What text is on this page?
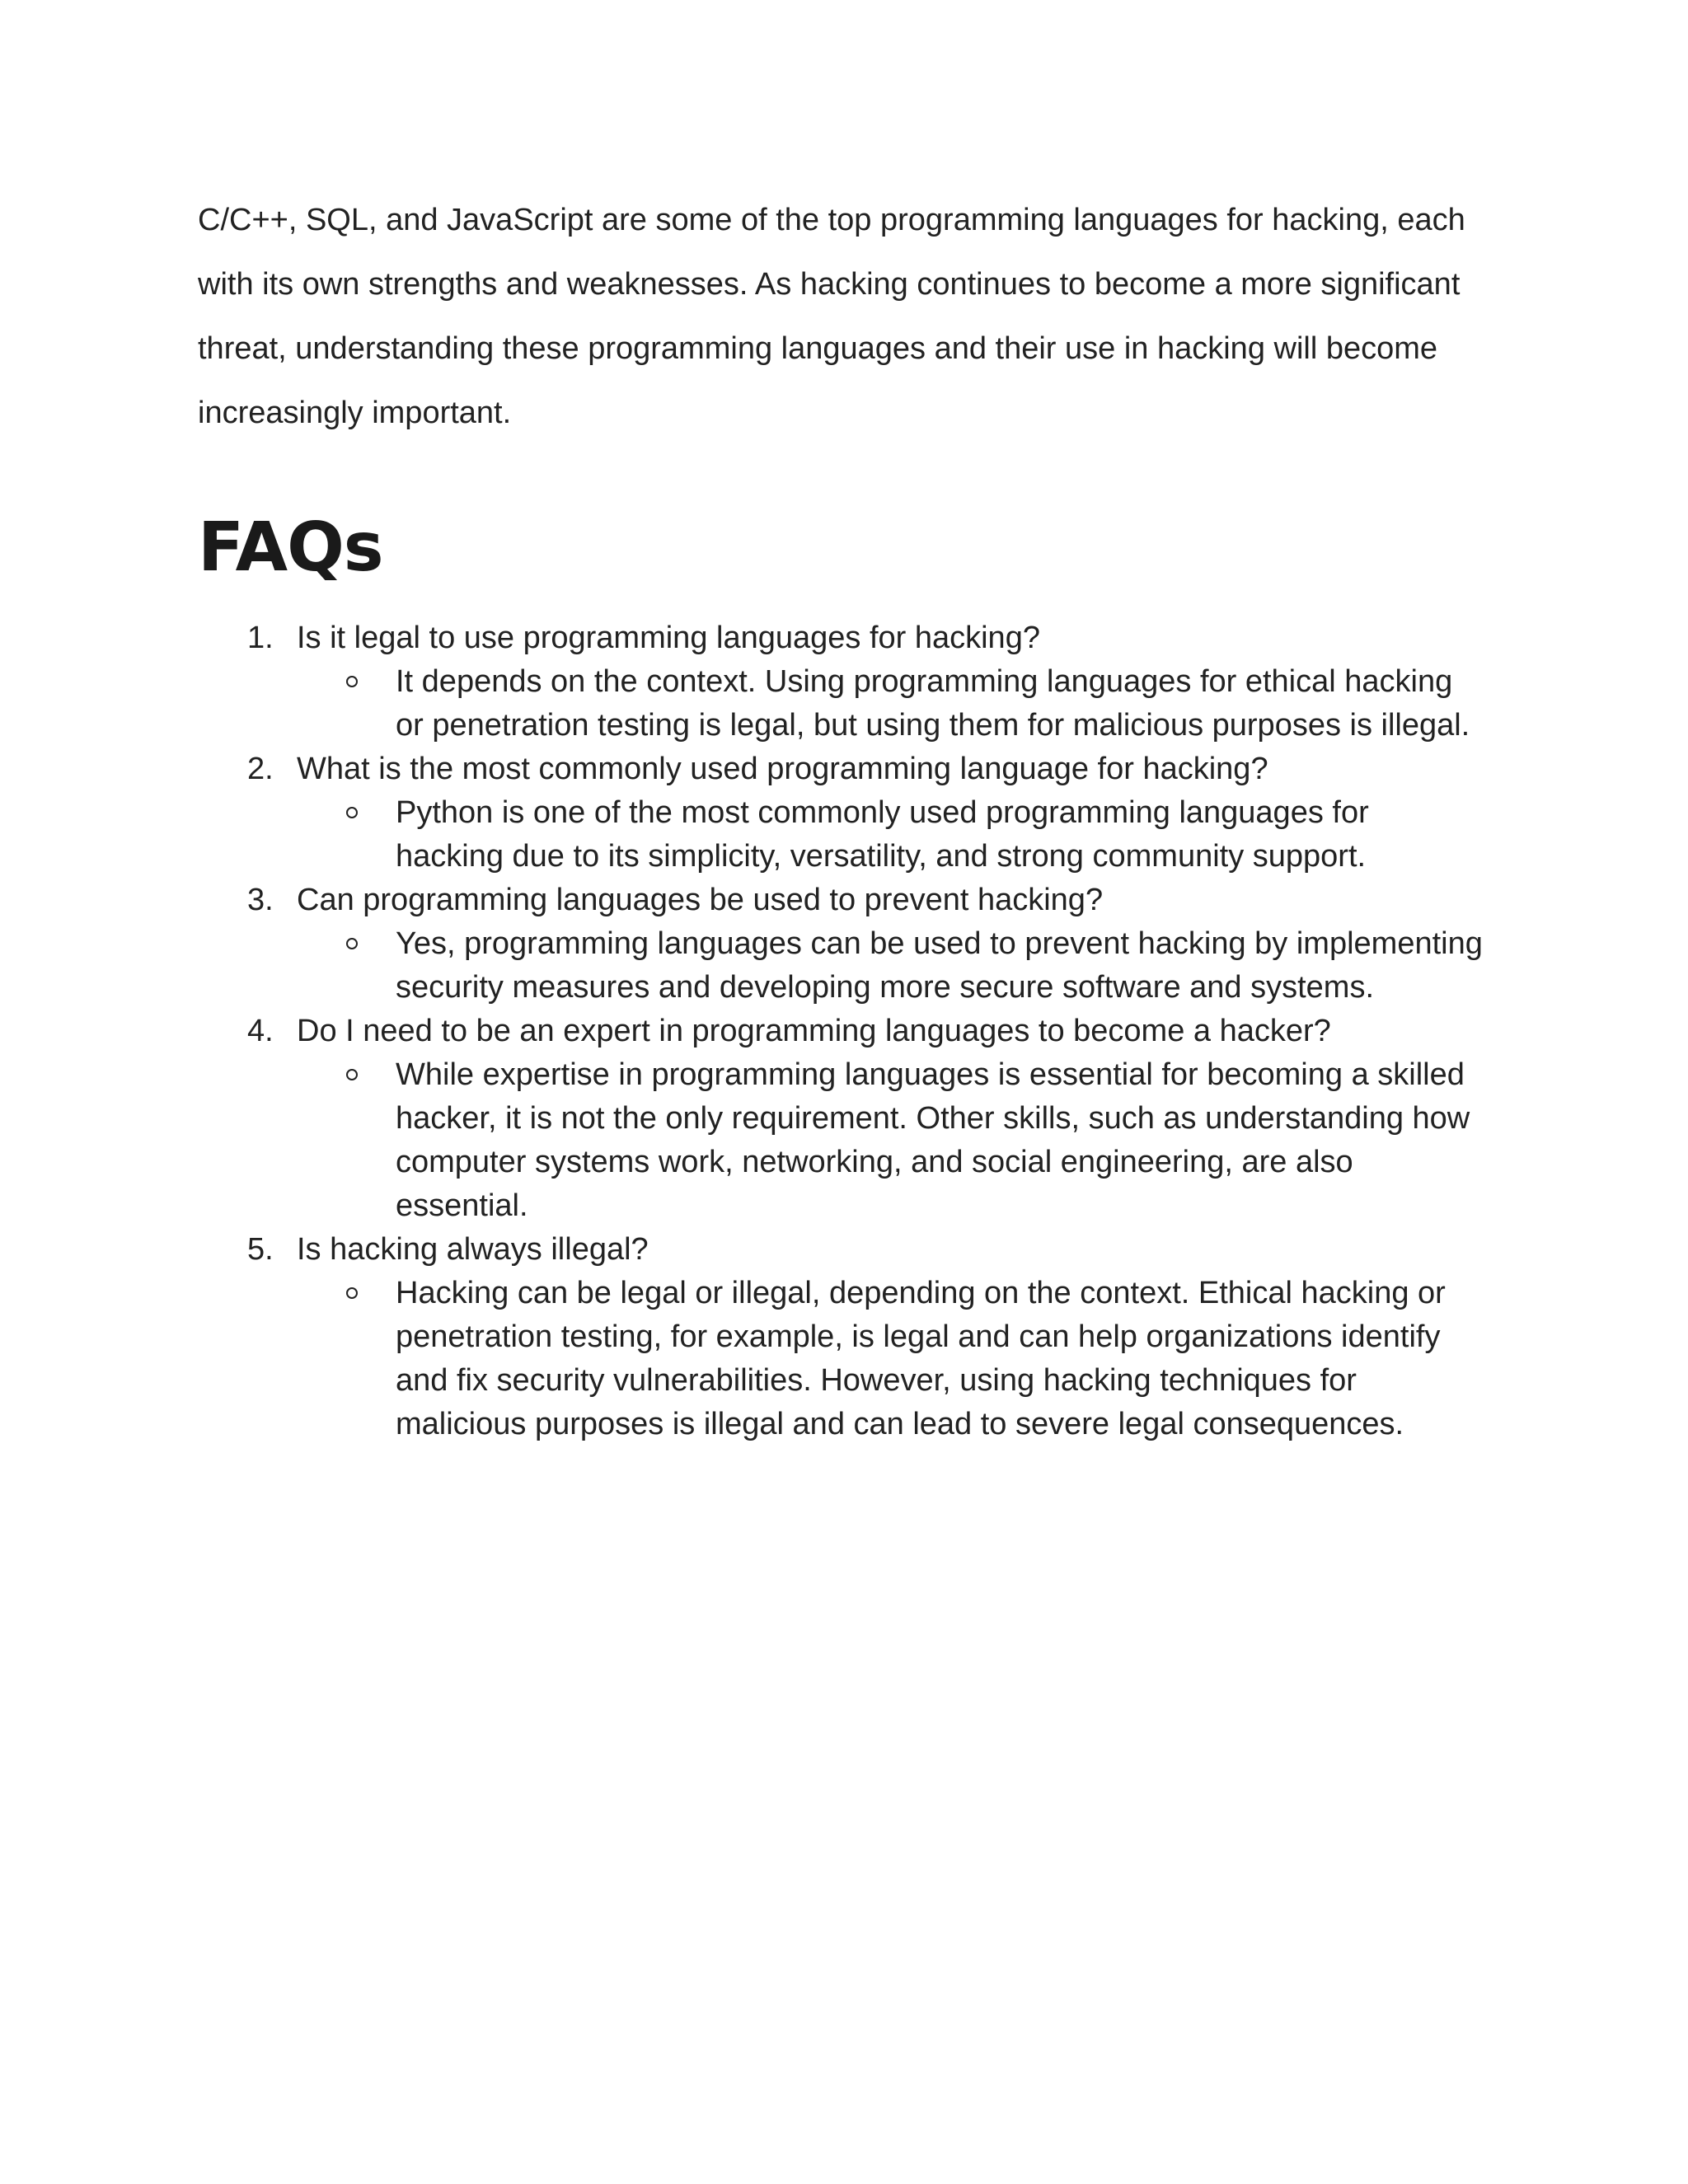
C/C++, SQL, and JavaScript are some of the top programming languages for hacking, each with its own strengths and weaknesses. As hacking continues to become a more significant threat, understanding these programming languages and their use in hacking will become increasingly important.

FAQs
1. Is it legal to use programming languages for hacking?
It depends on the context. Using programming languages for ethical hacking or penetration testing is legal, but using them for malicious purposes is illegal.
2. What is the most commonly used programming language for hacking?
Python is one of the most commonly used programming languages for hacking due to its simplicity, versatility, and strong community support.
3. Can programming languages be used to prevent hacking?
Yes, programming languages can be used to prevent hacking by implementing security measures and developing more secure software and systems.
4. Do I need to be an expert in programming languages to become a hacker?
While expertise in programming languages is essential for becoming a skilled hacker, it is not the only requirement. Other skills, such as understanding how computer systems work, networking, and social engineering, are also essential.
5. Is hacking always illegal?
Hacking can be legal or illegal, depending on the context. Ethical hacking or penetration testing, for example, is legal and can help organizations identify and fix security vulnerabilities. However, using hacking techniques for malicious purposes is illegal and can lead to severe legal consequences.
